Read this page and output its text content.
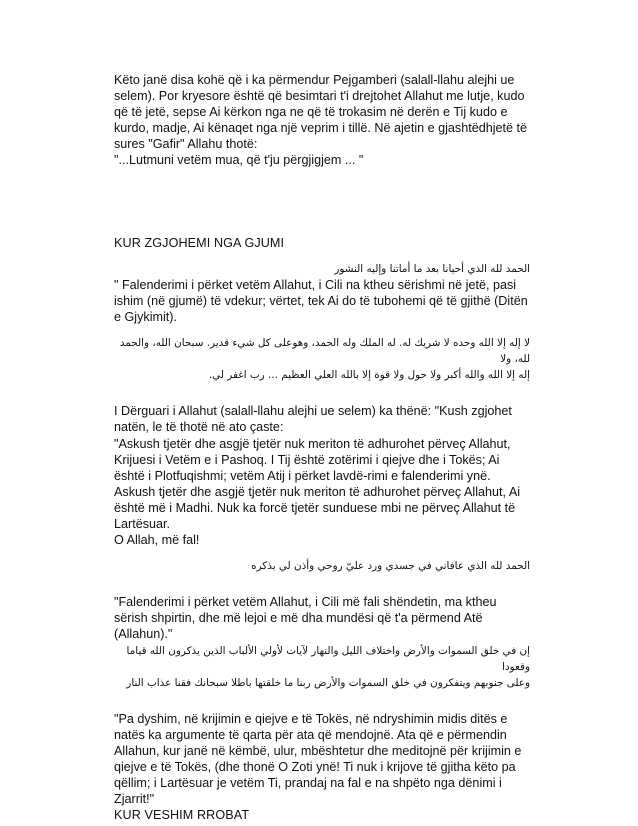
Këto janë disa kohë që i ka përmendur Pejgamberi (salall-llahu alejhi ue selem). Por kryesore është që besimtari t'i drejtohet Allahut me lutje, kudo që të jetë, sepse Ai kërkon nga ne që të trokasim në derën e Tij kudo e kurdo, madje, Ai kënaqet nga një veprim i tillë. Në ajetin e gjashtëdhjetë të sures "Gafir" Allahu thotë:

"...Lutmuni vetëm mua, që t'ju përgjigjem ... "

KUR ZGJOHEMI NGA GJUMI

الحمد لله الذي أحيانا بعد ما أماتنا وإليه النشور

" Falenderimi i përket vetëm Allahut, i Cili na ktheu sërishmi në jetë, pasi ishim (në gjumë) të vdekur; vërtet, tek Ai do të tubohemi që të gjithë (Ditën e Gjykimit).

لا إله إلا الله وحده لا شريك له. له الملك وله الحمد، وهوعلى كل شيء قدير. سبحان الله، والحمد لله، ولا

إله إلا الله والله أكبر ولا حول ولا قوة إلا بالله العلي العظيم ... رب اغفر لي.

I Dërguari i Allahut (salall-llahu alejhi ue selem) ka thënë: "Kush zgjohet natën, le të thotë në ato çaste:

"Askush tjetër dhe asgjë tjetër nuk meriton të adhurohet përveç Allahut, Krijuesi i Vetëm e i Pashoq. I Tij është zotërimi i qiejve dhe i Tokës; Ai është i Plotfuqishmi; vetëm Atij i përket lavdë-rimi e falenderimi ynë. Askush tjetër dhe asgjë tjetër nuk meriton të adhurohet përveç Allahut, Ai është më i Madhi. Nuk ka forcë tjetër sunduese mbi ne përveç Allahut të Lartësuar.

O Allah, më fal!

الحمد لله الذي عافاني في جسدي ورد عليّ روحي وأذن لي بذكره

"Falenderimi i përket vetëm Allahut, i Cili më fali shëndetin, ma ktheu sërish shpirtin, dhe më lejoi e më dha mundësi që t'a përmend Atë (Allahun)."

إن في خلق السموات والأرض واختلاف الليل والنهار لآيات لأولي الألباب الذين يذكرون الله قياما وقعودا

وعلى جنوبهم ويتفكرون في خلق السموات والأرض ربنا ما خلقتها باطلا سبحانك فقنا عذاب النار

"Pa dyshim, në krijimin e qiejve e të Tokës, në ndryshimin midis ditës e natës ka argumente të qarta për ata që mendojnë. Ata që e përmendin Allahun, kur janë në këmbë, ulur, mbështetur dhe meditojnë për krijimin e qiejve e të Tokës, (dhe thonë O Zoti ynë! Ti nuk i krijove të gjitha këto pa qëllim; i Lartësuar je vetëm Ti, prandaj na fal e na shpëto nga dënimi i Zjarrit!"

KUR VESHIM RROBAT
